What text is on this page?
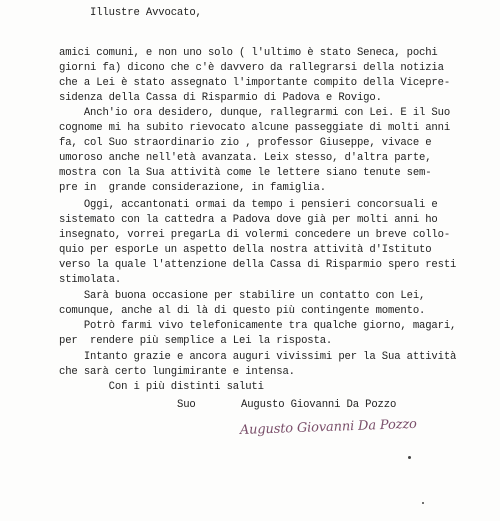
Illustre Avvocato,
amici comuni, e non uno solo ( l'ultimo è stato Seneca, pochi
giorni fa) dicono che c'è davvero da rallegrarsi della notizia
che a Lei è stato assegnato l'importante compito della Vicepre-
sidenza della Cassa di Risparmio di Padova e Rovigo.
Anch'io ora desidero, dunque, rallegrarmi con Lei. E il Suo
cognome mi ha subito rievocato alcune passeggiate di molti anni
fa, col Suo straordinario zio , professor Giuseppe, vivace e
umoroso anche nell'età avanzata. Leix stesso, d'altra parte,
mostra con la Sua attività come le lettere siano tenute sem-
pre in  grande considerazione, in famiglia.
Oggi, accantonati ormai da tempo i pensieri concorsuali e
sistemato con la cattedra a Padova dove già per molti anni ho
insegnato, vorrei pregarLa di volermi concedere un breve collo-
quio per esporLe un aspetto della nostra attività d'Istituto
verso la quale l'attenzione della Cassa di Risparmio spero resti
stimolata.
Sarà buona occasione per stabilire un contatto con Lei,
comunque, anche al di là di questo più contingente momento.
Potrò farmi vivo telefonicamente tra qualche giorno, magari,
per  rendere più semplice a Lei la risposta.
Intanto grazie e ancora auguri vivissimi per la Sua attività
che sarà certo lungimirante e intensa.
Con i più distinti saluti
Suo	Augusto Giovanni Da Pozzo
Augusto Giovanni Da Pozzo
